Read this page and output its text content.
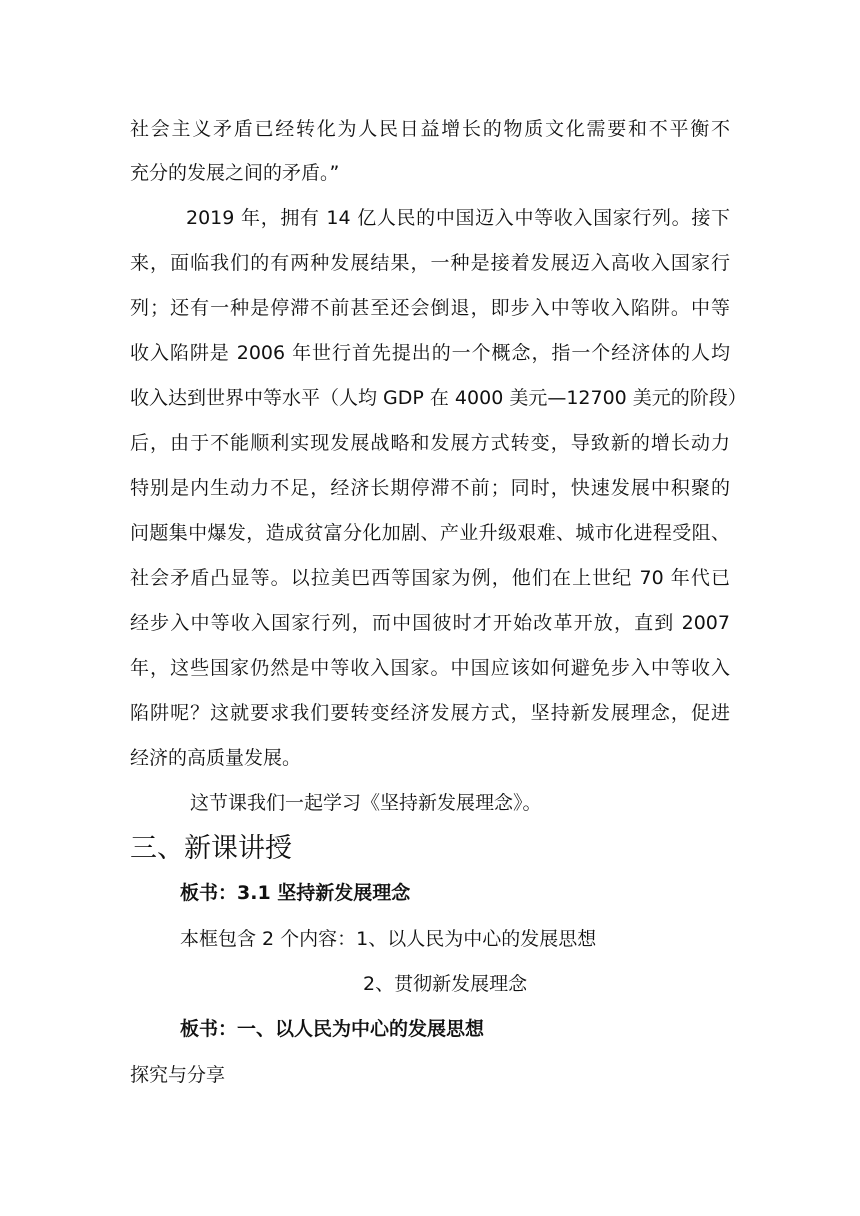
社会主义矛盾已经转化为人民日益增长的物质文化需要和不平衡不
充分的发展之间的矛盾。”
2019 年，拥有 14 亿人民的中国迈入中等收入国家行列。接下
来，面临我们的有两种发展结果，一种是接着发展迈入高收入国家行
列；还有一种是停滞不前甚至还会倒退，即步入中等收入陷阱。中等
收入陷阱是 2006 年世行首先提出的一个概念，指一个经济体的人均
收入达到世界中等水平（人均 GDP 在 4000 美元—12700 美元的阶段）
后，由于不能顺利实现发展战略和发展方式转变，导致新的增长动力
特别是内生动力不足，经济长期停滞不前；同时，快速发展中积聚的
问题集中爆发，造成贫富分化加剧、产业升级艰难、城市化进程受阻、
社会矛盾凸显等。以拉美巴西等国家为例，他们在上世纪 70 年代已
经步入中等收入国家行列，而中国彼时才开始改革开放，直到 2007
年，这些国家仍然是中等收入国家。中国应该如何避免步入中等收入
陷阱呢？这就要求我们要转变经济发展方式，坚持新发展理念，促进
经济的高质量发展。
这节课我们一起学习《坚持新发展理念》。
三、新课讲授
板书：3.1 坚持新发展理念
本框包含 2 个内容：1、以人民为中心的发展思想
2、贯彻新发展理念
板书：一、以人民为中心的发展思想
探究与分享
